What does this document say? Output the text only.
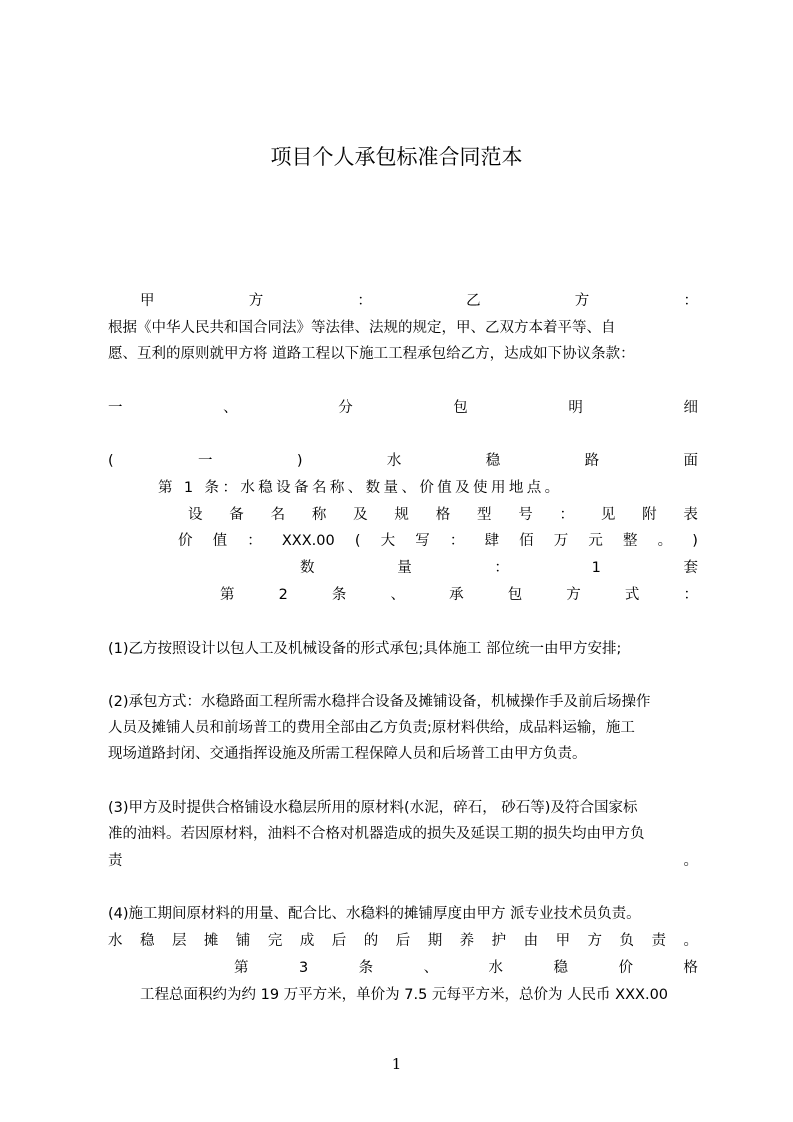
项目个人承包标准合同范本
甲	方	：	乙	方	：
根据《中华人民共和国合同法》等法律、法规的规定，甲、乙双方本着平等、自
愿、互利的原则就甲方将 道路工程以下施工工程承包给乙方，达成如下协议条款：
一	、	分	包	明	细
(	一	)	水	稳	路	面
第 1 条：水稳设备名称、数量、价值及使用地点。
设 备 名 称 及 规 格 型 号 ： 见 附 表
价 值 ： XXX.00 ( 大 写 ： 肆 佰 万 元 整 。 )
数	量	：	1	套
第	2	条	、	承	包	方	式	：
(1)乙方按照设计以包人工及机械设备的形式承包;具体施工 部位统一由甲方安排;
(2)承包方式：水稳路面工程所需水稳拌合设备及摊铺设备，机械操作手及前后场操作
人员及摊铺人员和前场普工的费用全部由乙方负责;原材料供给，成品料运输，施工
现场道路封闭、交通指挥设施及所需工程保障人员和后场普工由甲方负责。
(3)甲方及时提供合格铺设水稳层所用的原材料(水泥，碎石， 砂石等)及符合国家标
准的油料。若因原材料，油料不合格对机器造成的损失及延误工期的损失均由甲方负
责	。
(4)施工期间原材料的用量、配合比、水稳料的摊铺厚度由甲方 派专业技术员负责。
水 稳 层 摊 铺 完 成 后 的 后 期 养 护 由 甲 方 负 责 。
第	3	条	、	水	稳	价	格
工程总面积约为约 19 万平方米，单价为 7.5 元每平方米，总价为 人民币 XXX.00
1
